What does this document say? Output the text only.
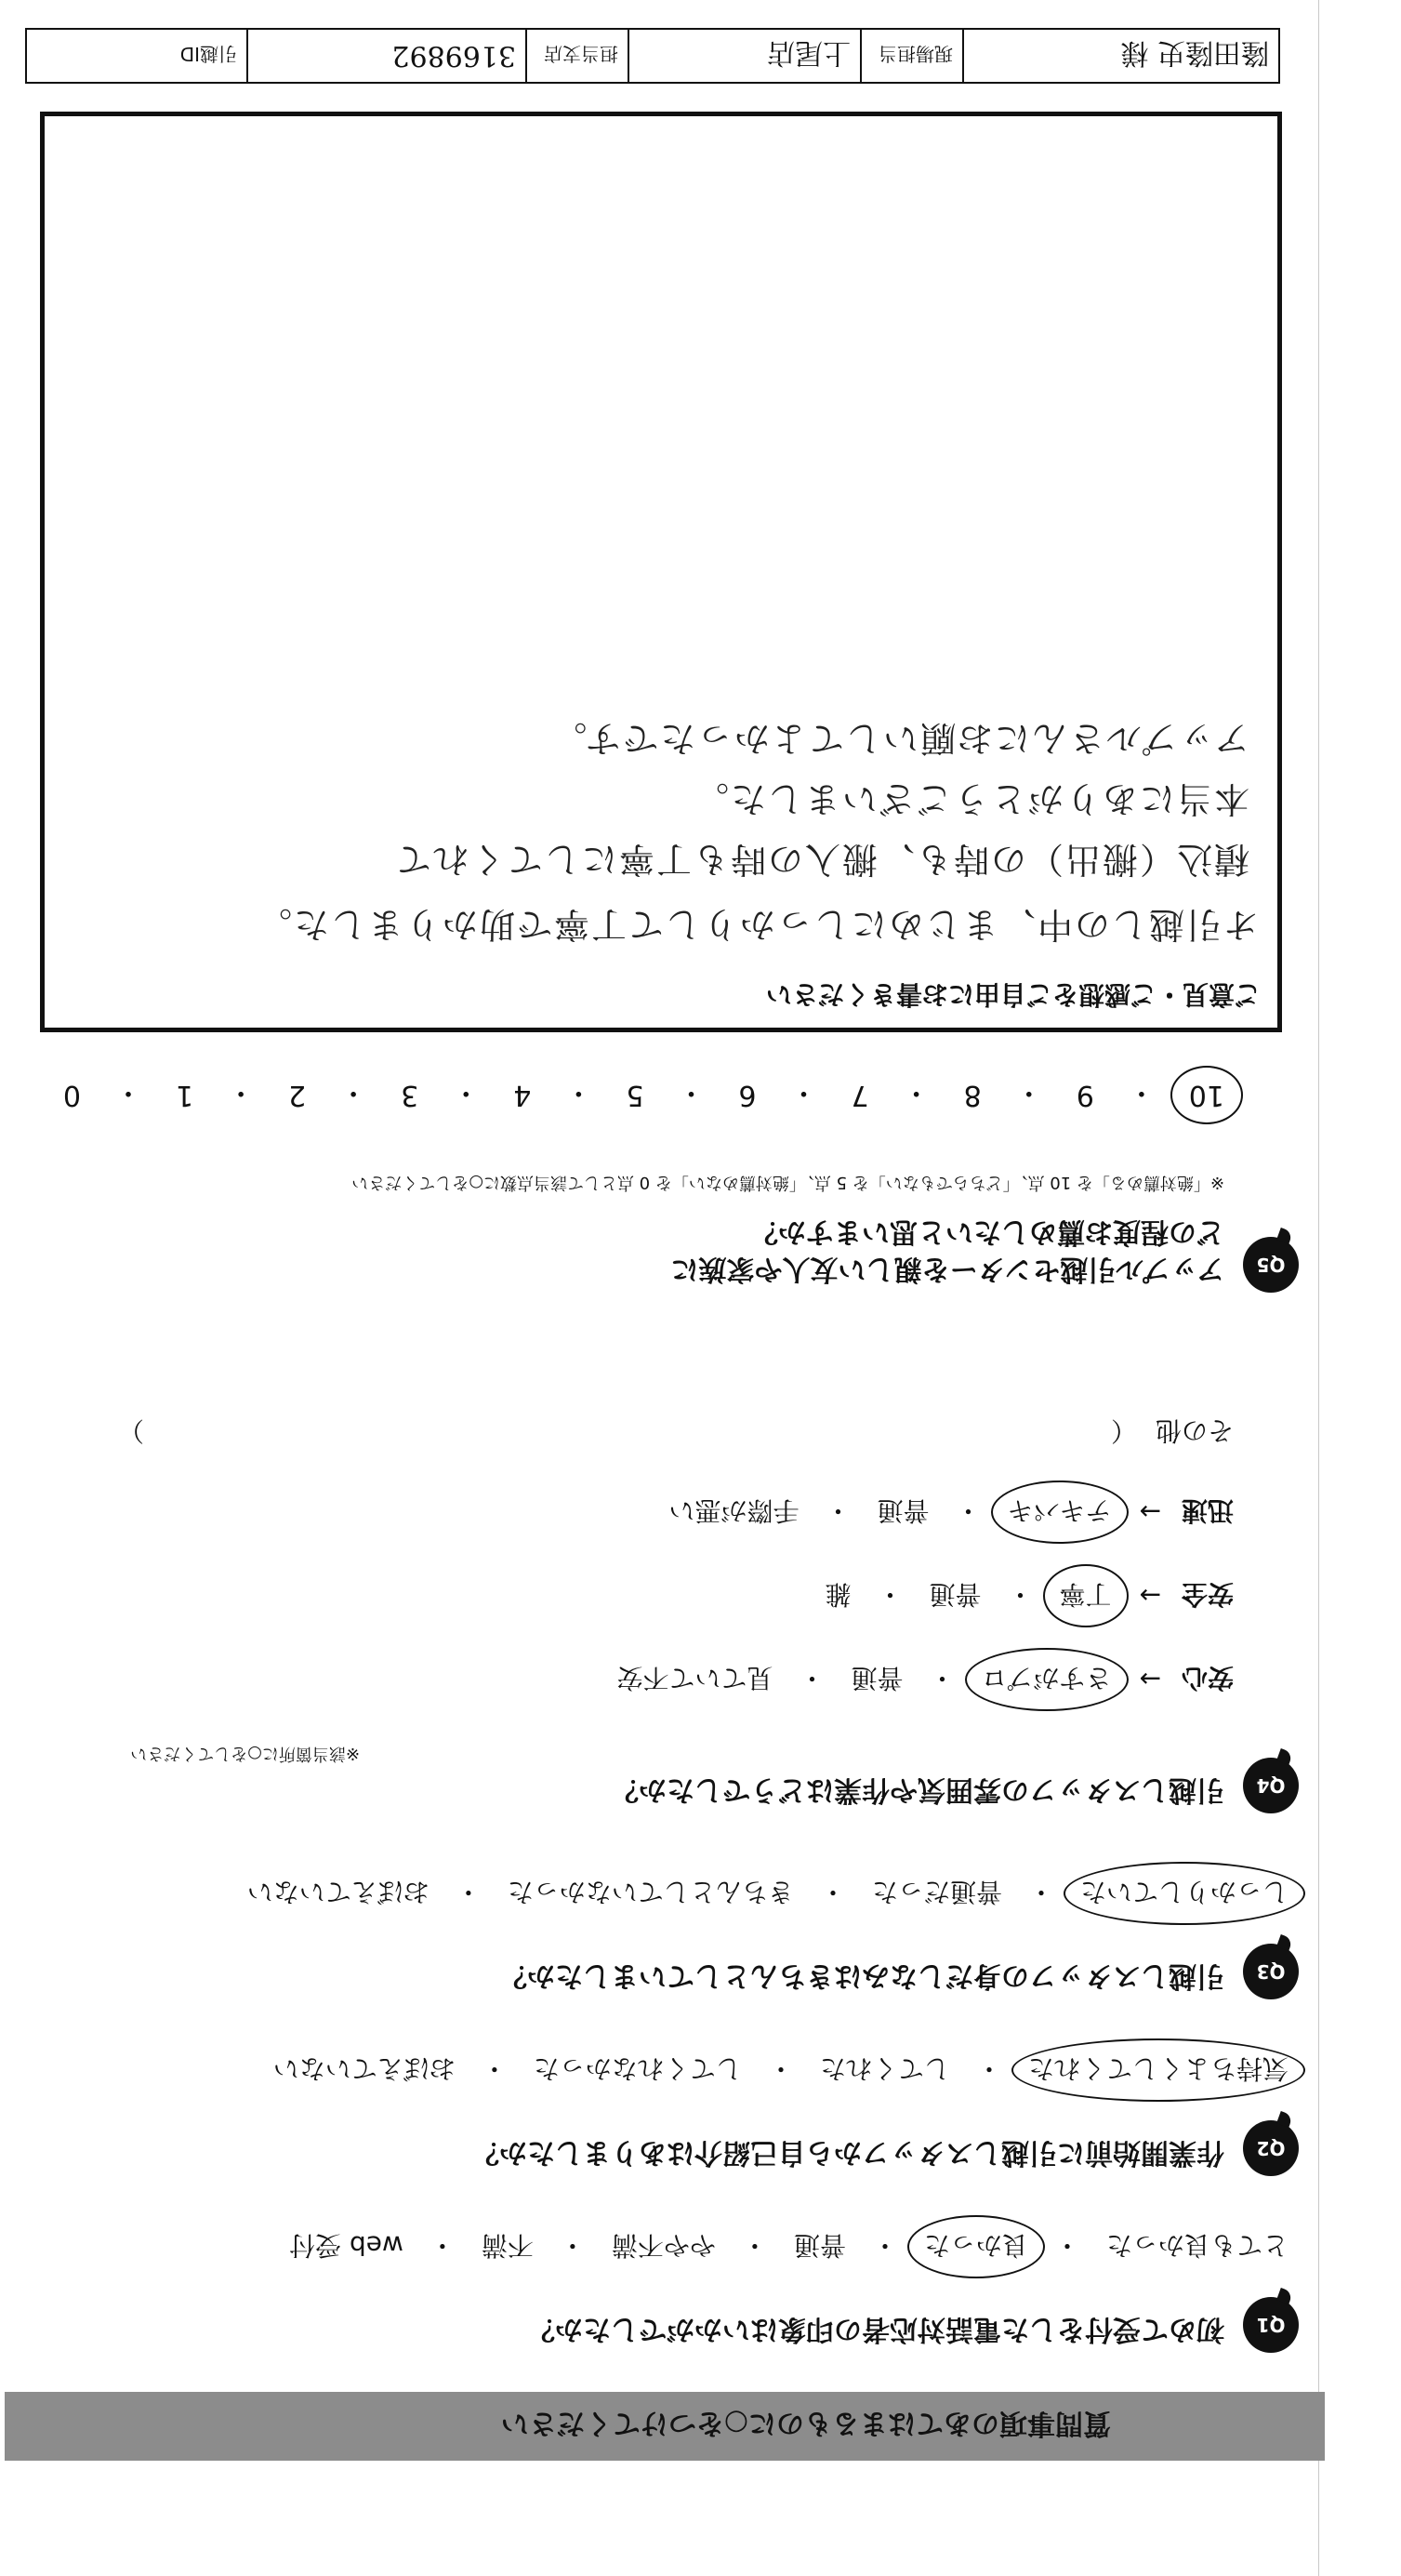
質問事項のあてはまるものに○をつけてください
Q1
初めて受付をした電話対応者の印象はいかがでしたか？
とても良かった
・
良かった
・
普通
・
やや不満
・
不満
・
web 受付
Q2
作業開始前に引越しスタッフから自己紹介はありましたか？
気持ちよくしてくれた
・
してくれた
・
してくれなかった
・
おぼえていない
Q3
引越しスタッフの身だしなみはきちんとしていましたか？
しっかりしていた
・
普通だった
・
きちんとしていなかった
・
おぼえていない
Q4
引越しスタッフの雰囲気や作業はどうでしたか？
※該当箇所に○をしてください
安心
→
さすがプロ
・
普通
・
見ていて不安
安全
→
丁寧
・
普通
・
雑
迅速
→
テキパキ
・
普通
・
手際が悪い
その他
（
）
Q5
アップル引越センターを親しい友人や家族に
どの程度お薦めしたいと思いますか？
※「絶対薦める」を 10 点、「どちらでもない」を 5 点、「絶対薦めない」を 0 点として該当点数に○をしてください
10
・
9
・
8
・
7
・
6
・
5
・
4
・
3
・
2
・
1
・
0
ご意見・ご感想をご自由にお書きください
オ引越しの中、まじめにしっかりして丁寧で助かりました。
積込（搬出）の時も、搬入の時も丁寧にしてくれて
本当にありがとうございました。
アップルさんにお願いしてよかったです。
隆田隆史 様
現場担当
上尾店
担当支店
3169892
引越ID
